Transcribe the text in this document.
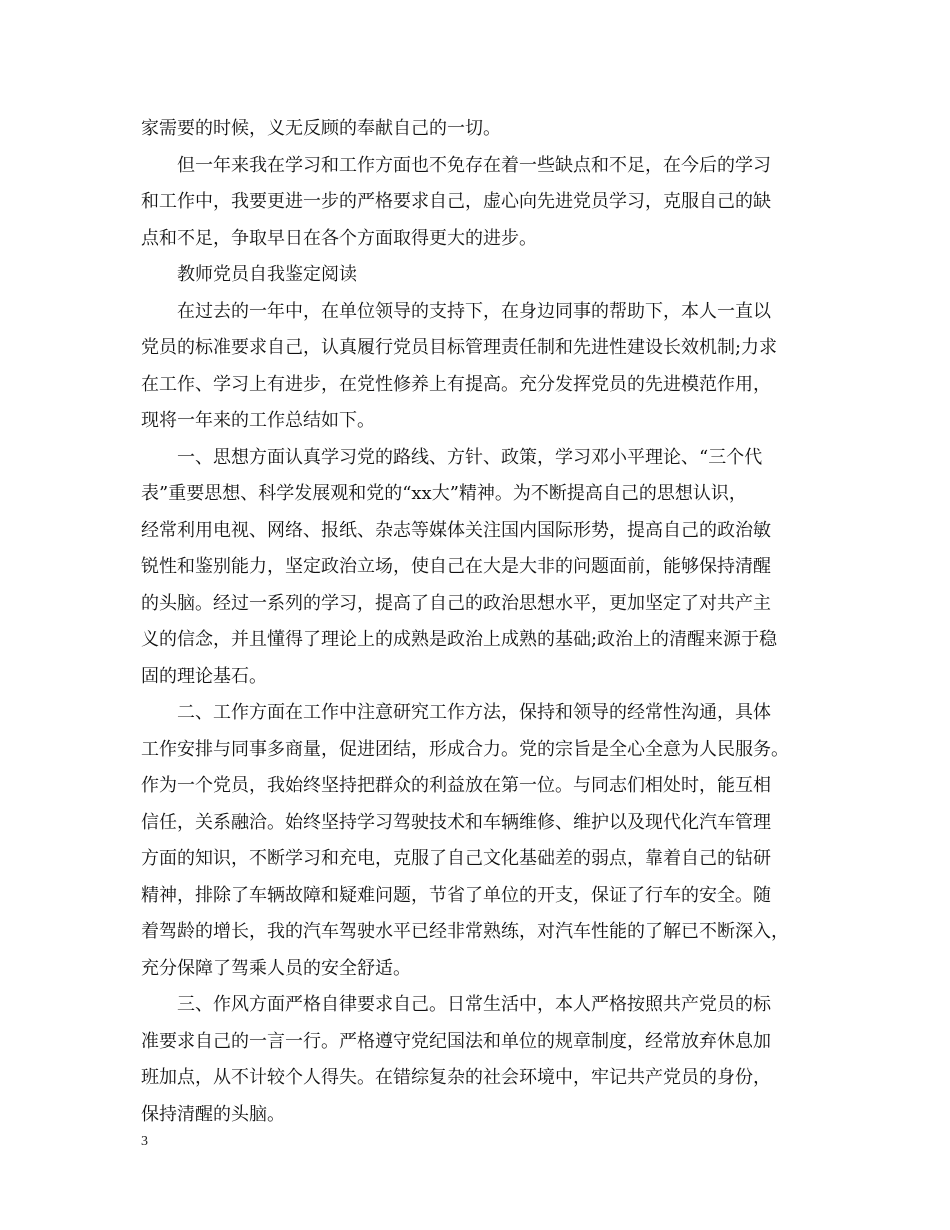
家需要的时候，义无反顾的奉献自己的一切。
但一年来我在学习和工作方面也不免存在着一些缺点和不足，在今后的学习
和工作中，我要更进一步的严格要求自己，虚心向先进党员学习，克服自己的缺
点和不足，争取早日在各个方面取得更大的进步。
教师党员自我鉴定阅读
在过去的一年中，在单位领导的支持下，在身边同事的帮助下，本人一直以
党员的标准要求自己，认真履行党员目标管理责任制和先进性建设长效机制;力求
在工作、学习上有进步，在党性修养上有提高。充分发挥党员的先进模范作用，
现将一年来的工作总结如下。
一、思想方面认真学习党的路线、方针、政策，学习邓小平理论、“三个代
表”重要思想、科学发展观和党的“xx大”精神。为不断提高自己的思想认识，
经常利用电视、网络、报纸、杂志等媒体关注国内国际形势，提高自己的政治敏
锐性和鉴别能力，坚定政治立场，使自己在大是大非的问题面前，能够保持清醒
的头脑。经过一系列的学习，提高了自己的政治思想水平，更加坚定了对共产主
义的信念，并且懂得了理论上的成熟是政治上成熟的基础;政治上的清醒来源于稳
固的理论基石。
二、工作方面在工作中注意研究工作方法，保持和领导的经常性沟通，具体
工作安排与同事多商量，促进团结，形成合力。党的宗旨是全心全意为人民服务。
作为一个党员，我始终坚持把群众的利益放在第一位。与同志们相处时，能互相
信任，关系融洽。始终坚持学习驾驶技术和车辆维修、维护以及现代化汽车管理
方面的知识，不断学习和充电，克服了自己文化基础差的弱点，靠着自己的钻研
精神，排除了车辆故障和疑难问题，节省了单位的开支，保证了行车的安全。随
着驾龄的增长，我的汽车驾驶水平已经非常熟练，对汽车性能的了解已不断深入，
充分保障了驾乘人员的安全舒适。
三、作风方面严格自律要求自己。日常生活中，本人严格按照共产党员的标
准要求自己的一言一行。严格遵守党纪国法和单位的规章制度，经常放弃休息加
班加点，从不计较个人得失。在错综复杂的社会环境中，牢记共产党员的身份，
保持清醒的头脑。
3
